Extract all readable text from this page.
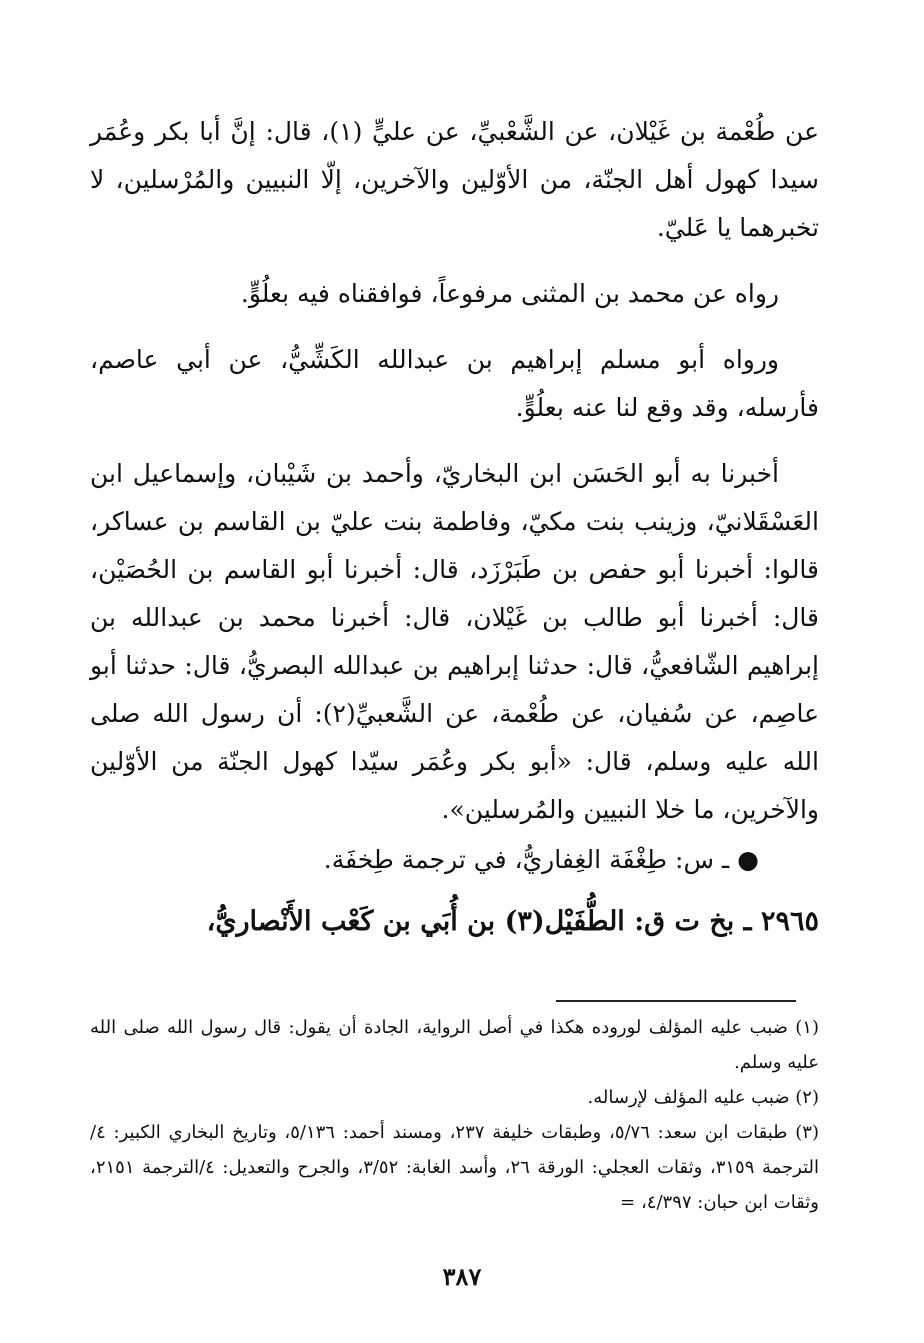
عن طُعْمة بن غَيْلان، عن الشَّعْبيِّ، عن عليٍّ (١)، قال: إنَّ أبا بكر وعُمَر سيدا كهول أهل الجنّة، من الأوّلين والآخرين، إلّا النبيين والمُرْسلين، لا تخبرهما يا عَليّ.

رواه عن محمد بن المثنى مرفوعاً، فوافقناه فيه بعلُوٍّ.

ورواه أبو مسلم إبراهيم بن عبدالله الكَشِّيُّ، عن أبي عاصم، فأرسله، وقد وقع لنا عنه بعلُوٍّ.

أخبرنا به أبو الحَسَن ابن البخاريّ، وأحمد بن شَيْبان، وإسماعيل ابن العَسْقَلانيّ، وزينب بنت مكيّ، وفاطمة بنت عليّ بن القاسم بن عساكر، قالوا: أخبرنا أبو حفص بن طَبَرْزَد، قال: أخبرنا أبو القاسم بن الحُصَيْن، قال: أخبرنا أبو طالب بن غَيْلان، قال: أخبرنا محمد بن عبدالله بن إبراهيم الشّافعيُّ، قال: حدثنا إبراهيم بن عبدالله البصريُّ، قال: حدثنا أبو عاصِم، عن سُفيان، عن طُعْمة، عن الشَّعبيِّ(٢): أن رسول الله صلى الله عليه وسلم، قال: «أبو بكر وعُمَر سيّدا كهول الجنّة من الأوّلين والآخرين، ما خلا النبيين والمُرسلين».

● ـ س: طِغْفَة الغِفاريُّ، في ترجمة طِخفَة.
٢٩٦٥ ـ بخ ت ق: الطُّفَيْل(٣) بن أُبَي بن كَعْب الأَنْصاريُّ،

(١) ضبب عليه المؤلف لوروده هكذا في أصل الرواية، الجادة أن يقول: قال رسول الله صلى الله عليه وسلم.

(٢) ضبب عليه المؤلف لإرساله.

(٣) طبقات ابن سعد: ٥/٧٦، وطبقات خليفة ٢٣٧، ومسند أحمد: ٥/١٣٦، وتاريخ البخاري الكبير: ٤/الترجمة ٣١٥٩، وثقات العجلي: الورقة ٢٦، وأسد الغابة: ٣/٥٢، والجرح والتعديل: ٤/الترجمة ٢١٥١، وثقات ابن حبان: ٤/٣٩٧، =

٣٨٧
